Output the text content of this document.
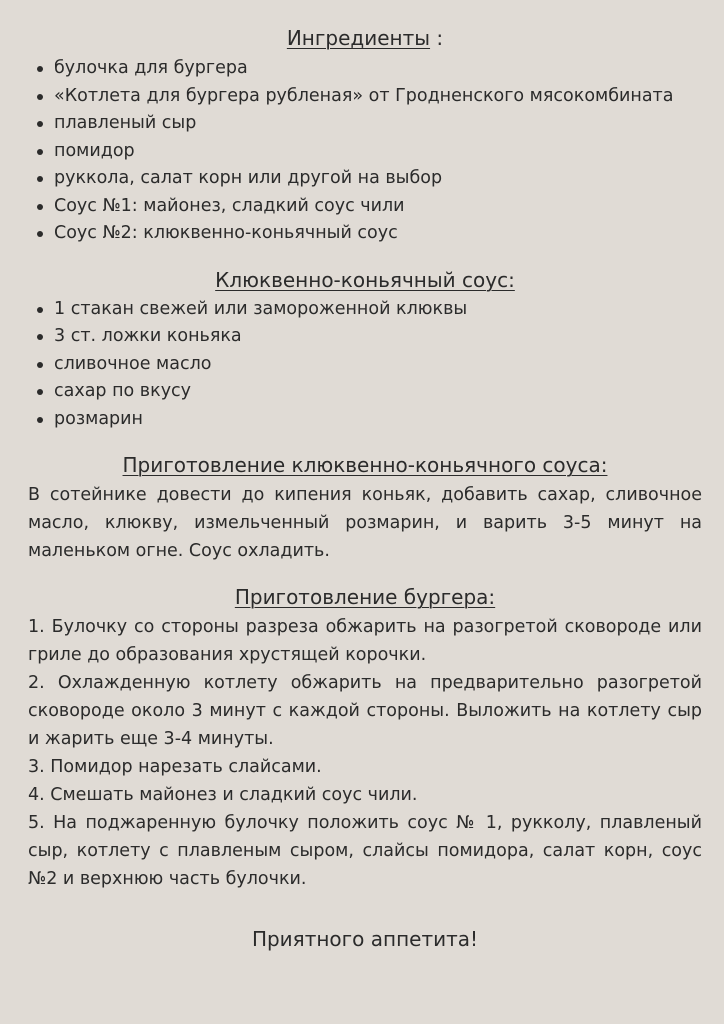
Ингредиенты :
булочка для бургера
«Котлета для бургера рубленая» от Гродненского мясокомбината
плавленый сыр
помидор
руккола, салат корн или другой на выбор
Соус №1: майонез, сладкий соус чили
Соус №2: клюквенно-коньячный соус
Клюквенно-коньячный соус:
1 стакан свежей или замороженной клюквы
3 ст. ложки коньяка
сливочное масло
сахар по вкусу
розмарин
Приготовление клюквенно-коньячного соуса:

В сотейнике довести до кипения коньяк, добавить сахар, сливочное масло, клюкву, измельченный розмарин, и варить 3-5 минут на маленьком огне. Соус охладить.

Приготовление бургера:

1. Булочку со стороны разреза обжарить на разогретой сковороде или гриле до образования хрустящей корочки.

2. Охлажденную котлету обжарить на предварительно разогретой сковороде около 3 минут с каждой стороны. Выложить на котлету сыр и жарить еще 3-4 минуты.

3. Помидор нарезать слайсами.

4. Смешать майонез и сладкий соус чили.

5. На поджаренную булочку положить соус № 1, рукколу, плавленый сыр, котлету с плавленым сыром, слайсы помидора, салат корн, соус №2 и верхнюю часть булочки.

Приятного аппетита!
